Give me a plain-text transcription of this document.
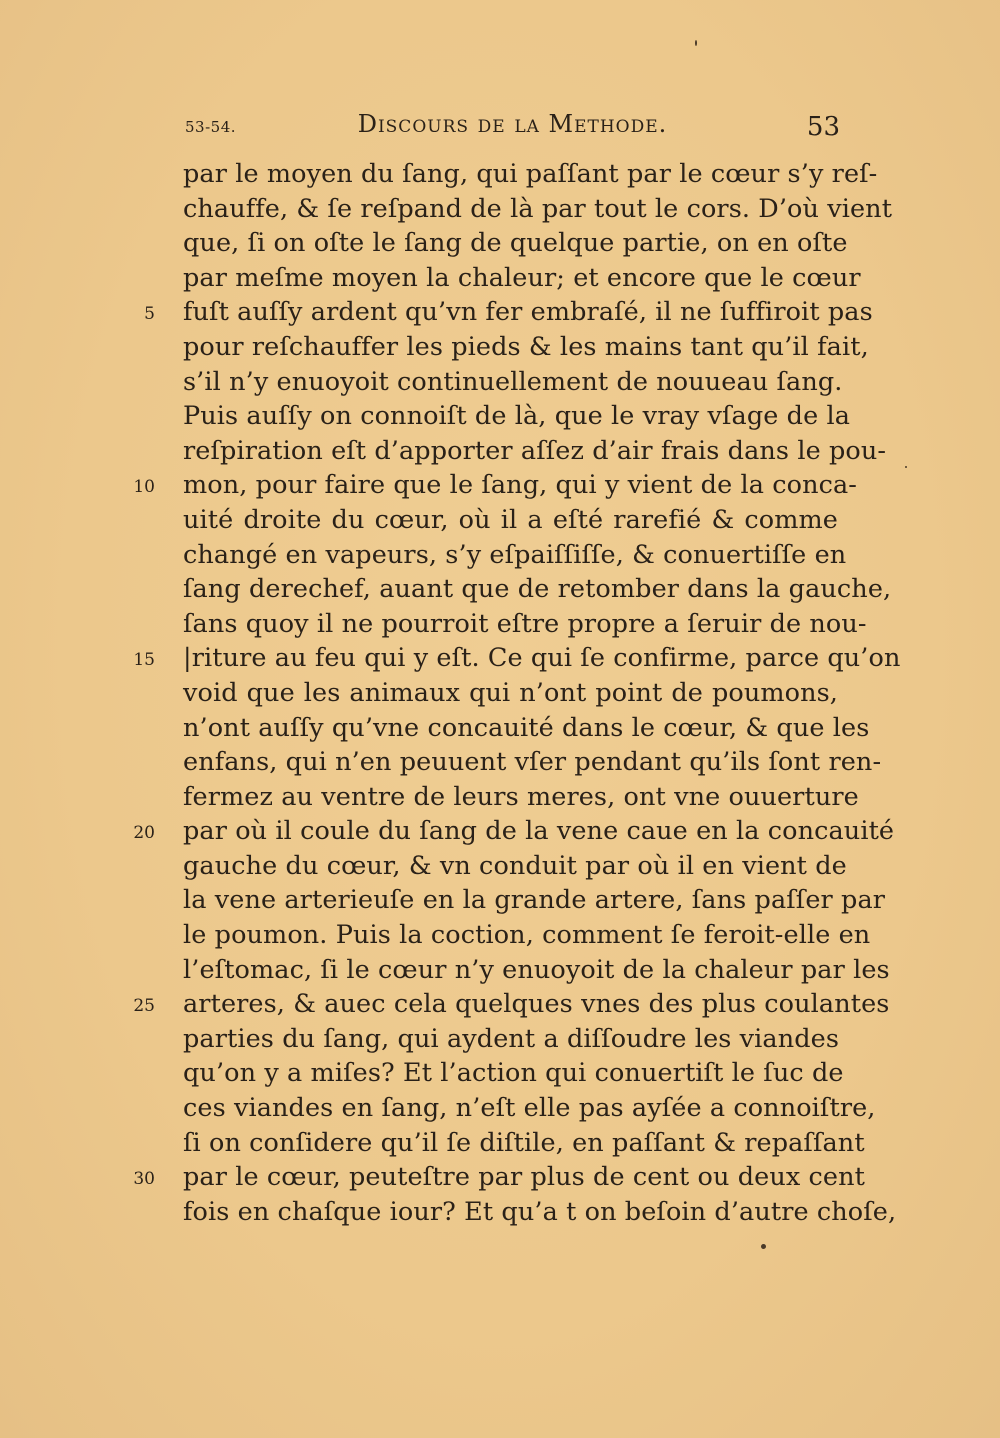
53-54.	Discours de la Methode.	53
par le moyen du ſang, qui paſſant par le cœur s’y reſ-
chauffe, & ſe reſpand de là par tout le cors. D’où vient
que, ſi on oſte le ſang de quelque partie, on en oſte
par meſme moyen la chaleur; et encore que le cœur
5 fuſt auſſy ardent qu’vn fer embraſé, il ne ſuffiroit pas
pour reſchauffer les pieds & les mains tant qu’il fait,
s’il n’y enuoyoit continuellement de nouueau ſang.
Puis auſſy on connoiſt de là, que le vray vſage de la
reſpiration eſt d’apporter aſſez d’air frais dans le pou-
10 mon, pour faire que le ſang, qui y vient de la conca-
uité droite du cœur, où il a eſté rarefié & comme
changé en vapeurs, s’y eſpaiſſiſſe, & conuertiſſe en
ſang derechef, auant que de retomber dans la gauche,
ſans quoy il ne pourroit eſtre propre a ſeruir de nou-
15 |riture au feu qui y eſt. Ce qui ſe confirme, parce qu’on
void que les animaux qui n’ont point de poumons,
n’ont auſſy qu’vne concauité dans le cœur, & que les
enfans, qui n’en peuuent vſer pendant qu’ils ſont ren-
fermez au ventre de leurs meres, ont vne ouuerture
20 par où il coule du ſang de la vene caue en la concauité
gauche du cœur, & vn conduit par où il en vient de
la vene arterieuſe en la grande artere, ſans paſſer par
le poumon. Puis la coction, comment ſe feroit-elle en
l’eſtomac, ſi le cœur n’y enuoyoit de la chaleur par les
25 arteres, & auec cela quelques vnes des plus coulantes
parties du ſang, qui aydent a diſſoudre les viandes
qu’on y a miſes? Et l’action qui conuertiſt le ſuc de
ces viandes en ſang, n’eſt elle pas ayſée a connoiſtre,
ſi on conſidere qu’il ſe diſtile, en paſſant & repaſſant
30 par le cœur, peuteſtre par plus de cent ou deux cent
fois en chaſque iour? Et qu’a t on beſoin d’autre choſe,
